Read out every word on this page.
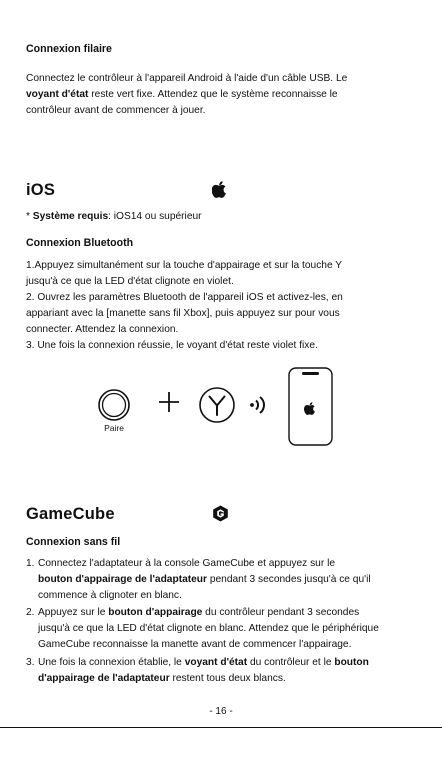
Connexion filaire
Connectez le contrôleur à l'appareil Android à l'aide d'un câble USB. Le
voyant d'état reste vert fixe. Attendez que le système reconnaisse le
contrôleur avant de commencer à jouer.
iOS
* Système requis: iOS14 ou supérieur
Connexion Bluetooth
1.Appuyez simultanément sur la touche d'appairage et sur la touche Y
jusqu'à ce que la LED d'état clignote en violet.
2. Ouvrez les paramètres Bluetooth de l'appareil iOS et activez-les, en
appariant avec la [manette sans fil Xbox], puis appuyez sur pour vous
connecter. Attendez la connexion.
3. Une fois la connexion réussie, le voyant d'état reste violet fixe.
Paire
GameCube
Connexion sans fil
1. Connectez l'adaptateur à la console GameCube et appuyez sur le
bouton d'appairage de l'adaptateur pendant 3 secondes jusqu'à ce qu'il
commence à clignoter en blanc.
2. Appuyez sur le bouton d'appairage du contrôleur pendant 3 secondes
jusqu'à ce que la LED d'état clignote en blanc. Attendez que le périphérique
GameCube reconnaisse la manette avant de commencer l'appairage.
3. Une fois la connexion établie, le voyant d'état du contrôleur et le bouton
d'appairage de l'adaptateur restent tous deux blancs.
- 16 -
